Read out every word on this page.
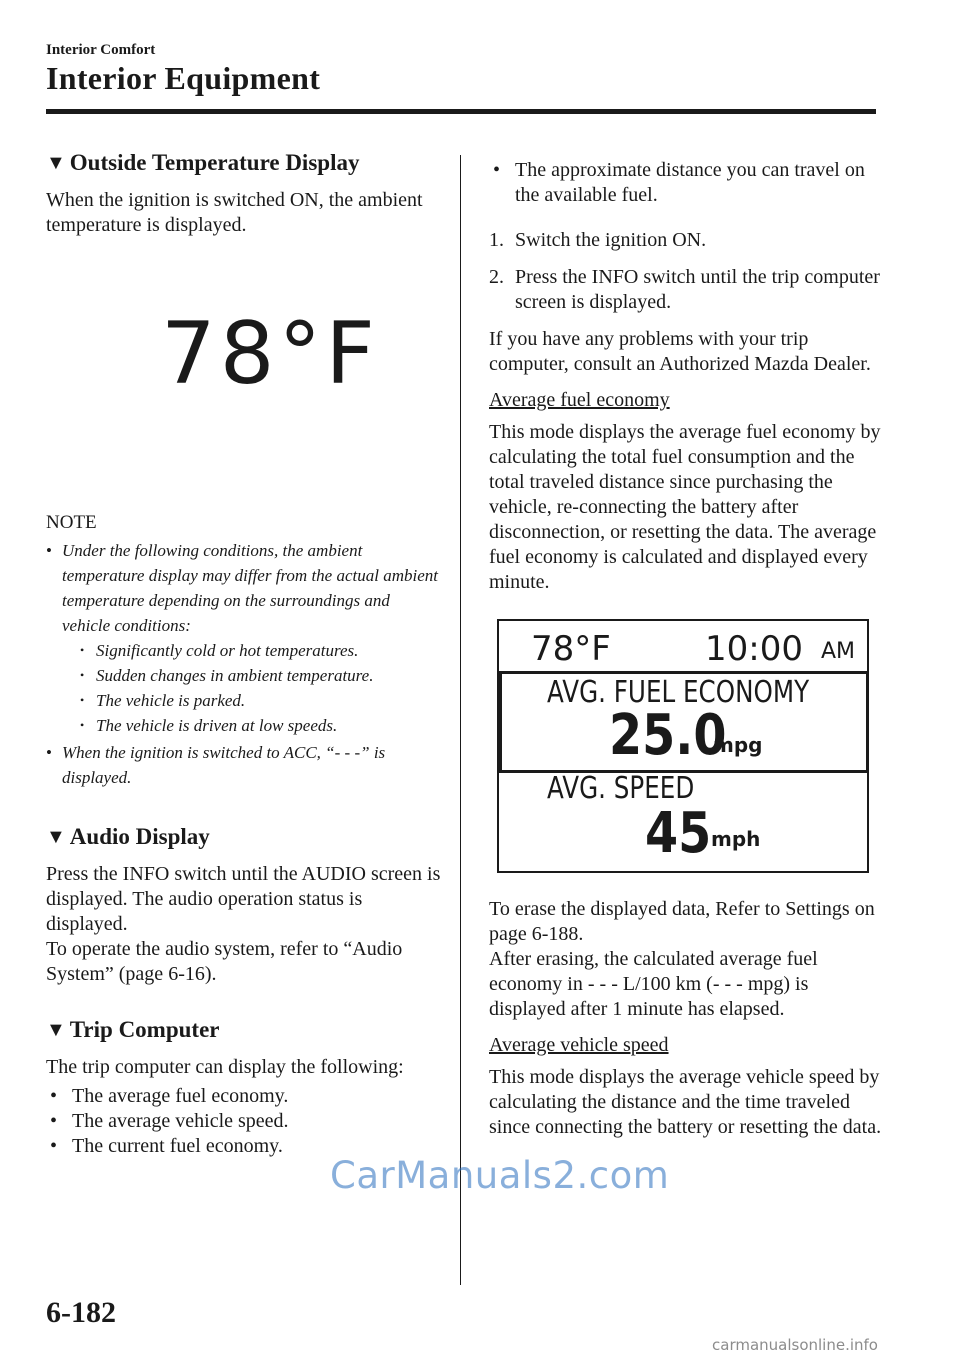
Interior Comfort
Interior Equipment
▼ Outside Temperature Display

When the ignition is switched ON, the ambient temperature is displayed.

78°F
NOTE
• Under the following conditions, the ambient temperature display may differ from the actual ambient temperature depending on the surroundings and vehicle conditions:
• Significantly cold or hot temperatures.
• Sudden changes in ambient temperature.
• The vehicle is parked.
• The vehicle is driven at low speeds.
• When the ignition is switched to ACC, “- - -” is displayed.
▼ Audio Display

Press the INFO switch until the AUDIO screen is displayed. The audio operation status is displayed.

To operate the audio system, refer to “Audio System” (page 6-16).

▼ Trip Computer

The trip computer can display the following:

• The average fuel economy.
• The average vehicle speed.
• The current fuel economy.
• The approximate distance you can travel on the available fuel.
1. Switch the ignition ON.
2. Press the INFO switch until the trip computer screen is displayed.

If you have any problems with your trip computer, consult an Authorized Mazda Dealer.

Average fuel economy

This mode displays the average fuel economy by calculating the total fuel consumption and the total traveled distance since purchasing the vehicle, re-connecting the battery after disconnection, or resetting the data. The average fuel economy is calculated and displayed every minute.

78°F	10:00 AM
AVG. FUEL ECONOMY
25.0
mpg
AVG. SPEED
45 mph

To erase the displayed data, Refer to Settings on page 6-188.

After erasing, the calculated average fuel economy in - - - L/100 km (- - - mpg) is displayed after 1 minute has elapsed.

Average vehicle speed

This mode displays the average vehicle speed by calculating the distance and the time traveled since connecting the battery or resetting the data.

6-182
CarManuals2.com
carmanualsonline.info
